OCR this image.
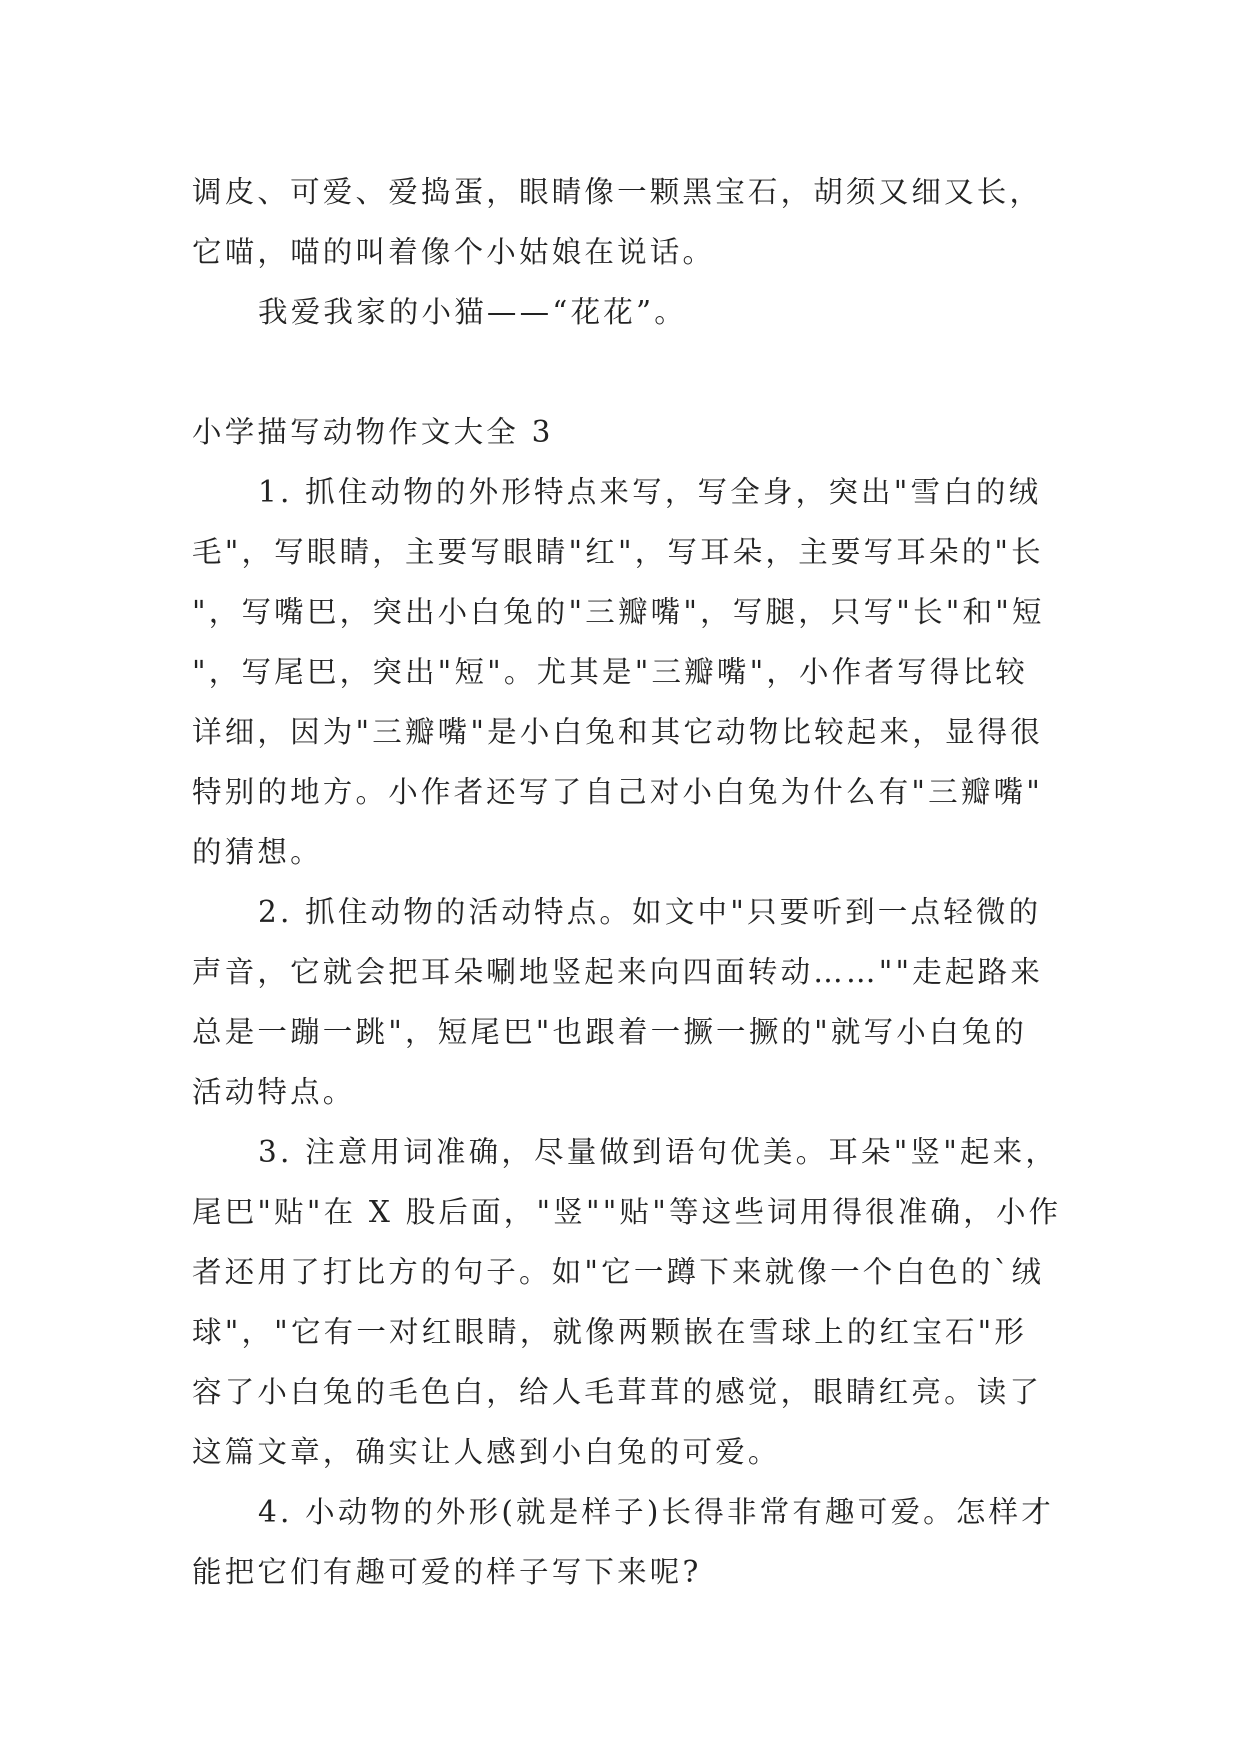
调皮、可爱、爱捣蛋，眼睛像一颗黑宝石，胡须又细又长，
它喵，喵的叫着像个小姑娘在说话。
我爱我家的小猫——“花花”。
小学描写动物作文大全 3
1. 抓住动物的外形特点来写，写全身，突出"雪白的绒
毛"，写眼睛，主要写眼睛"红"，写耳朵，主要写耳朵的"长
"，写嘴巴，突出小白兔的"三瓣嘴"，写腿，只写"长"和"短
"，写尾巴，突出"短"。尤其是"三瓣嘴"，小作者写得比较
详细，因为"三瓣嘴"是小白兔和其它动物比较起来，显得很
特别的地方。小作者还写了自己对小白兔为什么有"三瓣嘴"
的猜想。
2. 抓住动物的活动特点。如文中"只要听到一点轻微的
声音，它就会把耳朵唰地竖起来向四面转动……""走起路来
总是一蹦一跳"，短尾巴"也跟着一撅一撅的"就写小白兔的
活动特点。
3. 注意用词准确，尽量做到语句优美。耳朵"竖"起来，
尾巴"贴"在 X 股后面，"竖""贴"等这些词用得很准确，小作
者还用了打比方的句子。如"它一蹲下来就像一个白色的`绒
球"，"它有一对红眼睛，就像两颗嵌在雪球上的红宝石"形
容了小白兔的毛色白，给人毛茸茸的感觉，眼睛红亮。读了
这篇文章，确实让人感到小白兔的可爱。
4. 小动物的外形(就是样子)长得非常有趣可爱。怎样才
能把它们有趣可爱的样子写下来呢?
